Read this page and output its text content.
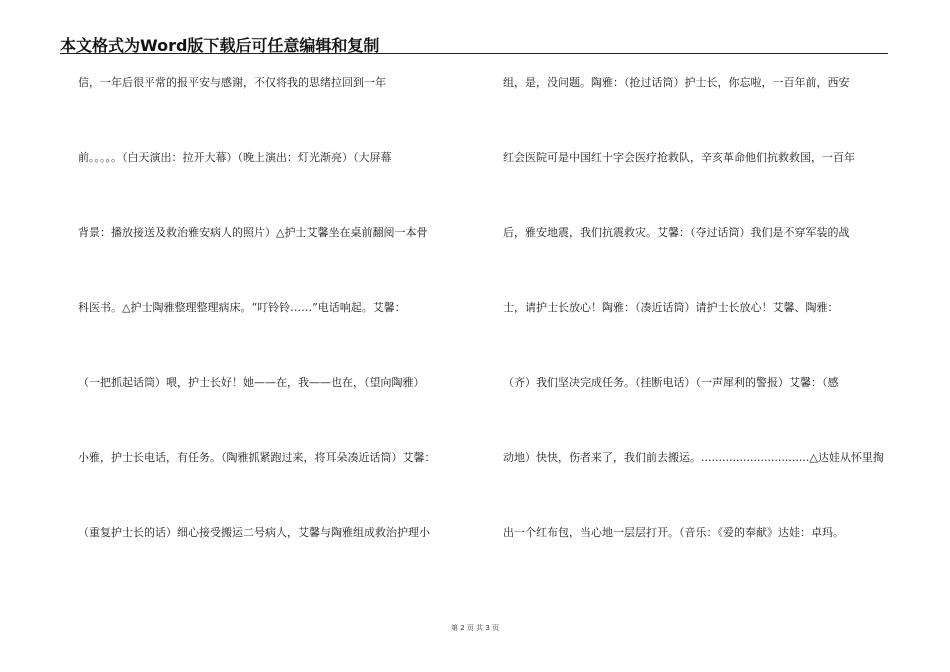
本文格式为Word版下载后可任意编辑和复制
信，一年后很平常的报平安与感谢，不仅将我的思绪拉回到一年
前。。。。。（白天演出：拉开大幕）（晚上演出：灯光渐亮）（大屏幕
背景：播放接送及救治雅安病人的照片）△护士艾馨坐在桌前翻阅一本骨
科医书。△护士陶雅整理整理病床。“叮铃铃……”电话响起。艾馨：
（一把抓起话筒）喂，护士长好！她——在，我——也在，（望向陶雅）
小雅，护士长电话，有任务。（陶雅抓紧跑过来，将耳朵凑近话筒）艾馨：
（重复护士长的话）细心接受搬运二号病人，艾馨与陶雅组成救治护理小
组，是，没问题。陶雅：（抢过话筒）护士长，你忘啦，一百年前，西安
红会医院可是中国红十字会医疗抢救队，辛亥革命他们抗救救国，一百年
后，雅安地震，我们抗震救灾。艾馨：（夺过话筒）我们是不穿军装的战
士，请护士长放心！陶雅：（凑近话筒）请护士长放心！艾馨、陶雅：
（齐）我们坚决完成任务。（挂断电话）（一声犀利的警报）艾馨：（感
动地）快快，伤者来了，我们前去搬运。...............................△达娃从怀里掏
出一个红布包，当心地一层层打开。（音乐：《爱的奉献》达娃：卓玛。
第 2 页 共 3 页
